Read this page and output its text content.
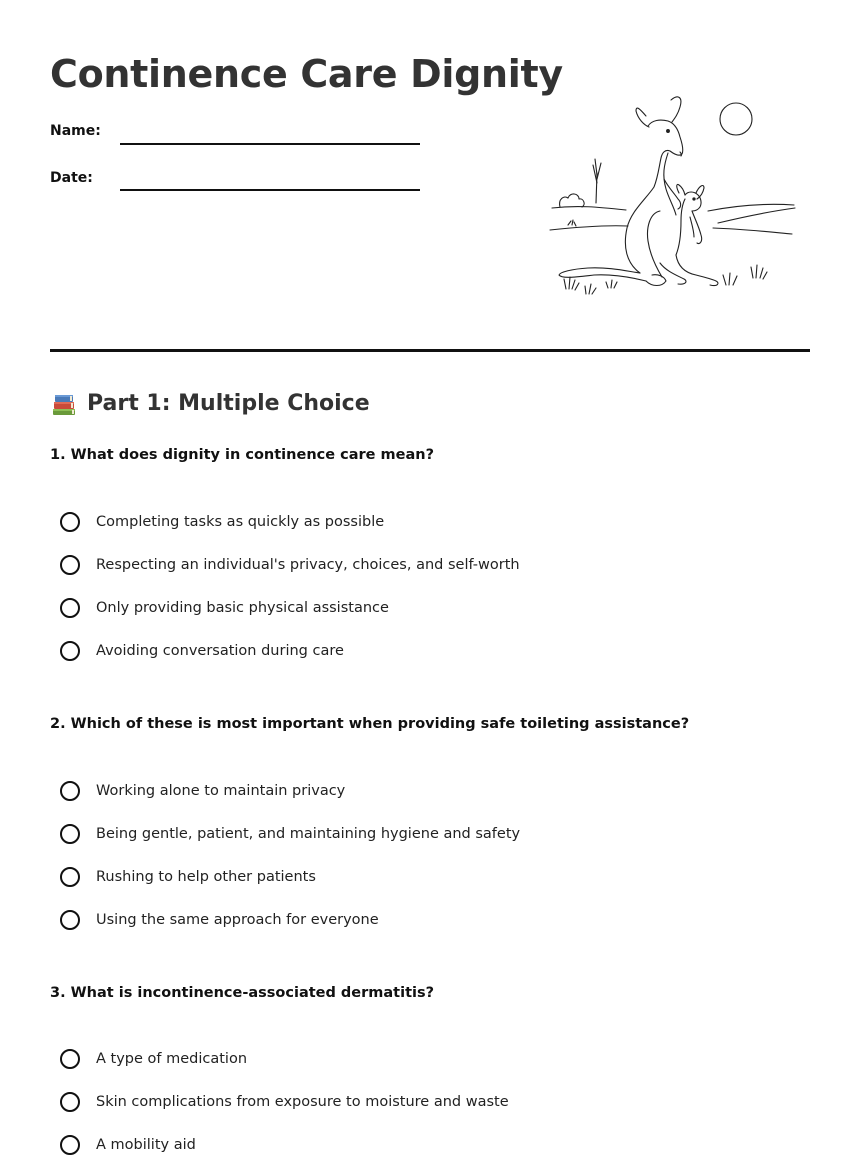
Continence Care Dignity
Name:
Date:
Part 1: Multiple Choice

1. What does dignity in continence care mean?

Completing tasks as quickly as possible
Respecting an individual's privacy, choices, and self-worth
Only providing basic physical assistance
Avoiding conversation during care

2. Which of these is most important when providing safe toileting assistance?

Working alone to maintain privacy
Being gentle, patient, and maintaining hygiene and safety
Rushing to help other patients
Using the same approach for everyone

3. What is incontinence-associated dermatitis?

A type of medication
Skin complications from exposure to moisture and waste
A mobility aid
